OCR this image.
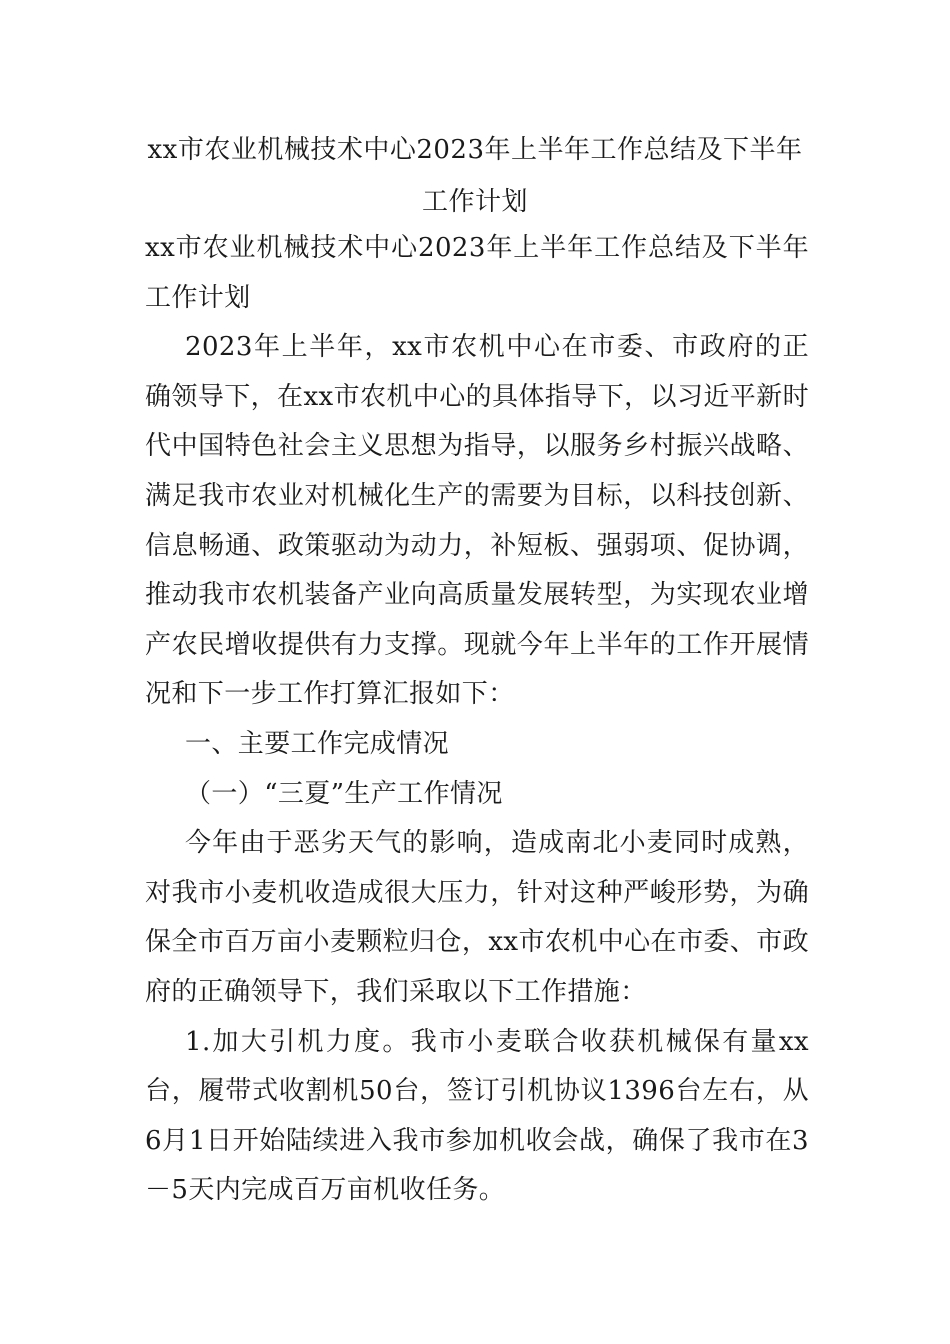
xx市农业机械技术中心2023年上半年工作总结及下半年
工作计划

xx市农业机械技术中心2023年上半年工作总结及下半年工作计划

2023年上半年，xx市农机中心在市委、市政府的正确领导下，在xx市农机中心的具体指导下，以习近平新时代中国特色社会主义思想为指导，以服务乡村振兴战略、满足我市农业对机械化生产的需要为目标，以科技创新、信息畅通、政策驱动为动力，补短板、强弱项、促协调，推动我市农机装备产业向高质量发展转型，为实现农业增产农民增收提供有力支撑。现就今年上半年的工作开展情况和下一步工作打算汇报如下：

一、主要工作完成情况

（一）“三夏”生产工作情况

今年由于恶劣天气的影响，造成南北小麦同时成熟，对我市小麦机收造成很大压力，针对这种严峻形势，为确保全市百万亩小麦颗粒归仓，xx市农机中心在市委、市政府的正确领导下，我们采取以下工作措施：

1.加大引机力度。我市小麦联合收获机械保有量xx台，履带式收割机50台，签订引机协议1396台左右，从6月1日开始陆续进入我市参加机收会战，确保了我市在3－5天内完成百万亩机收任务。
